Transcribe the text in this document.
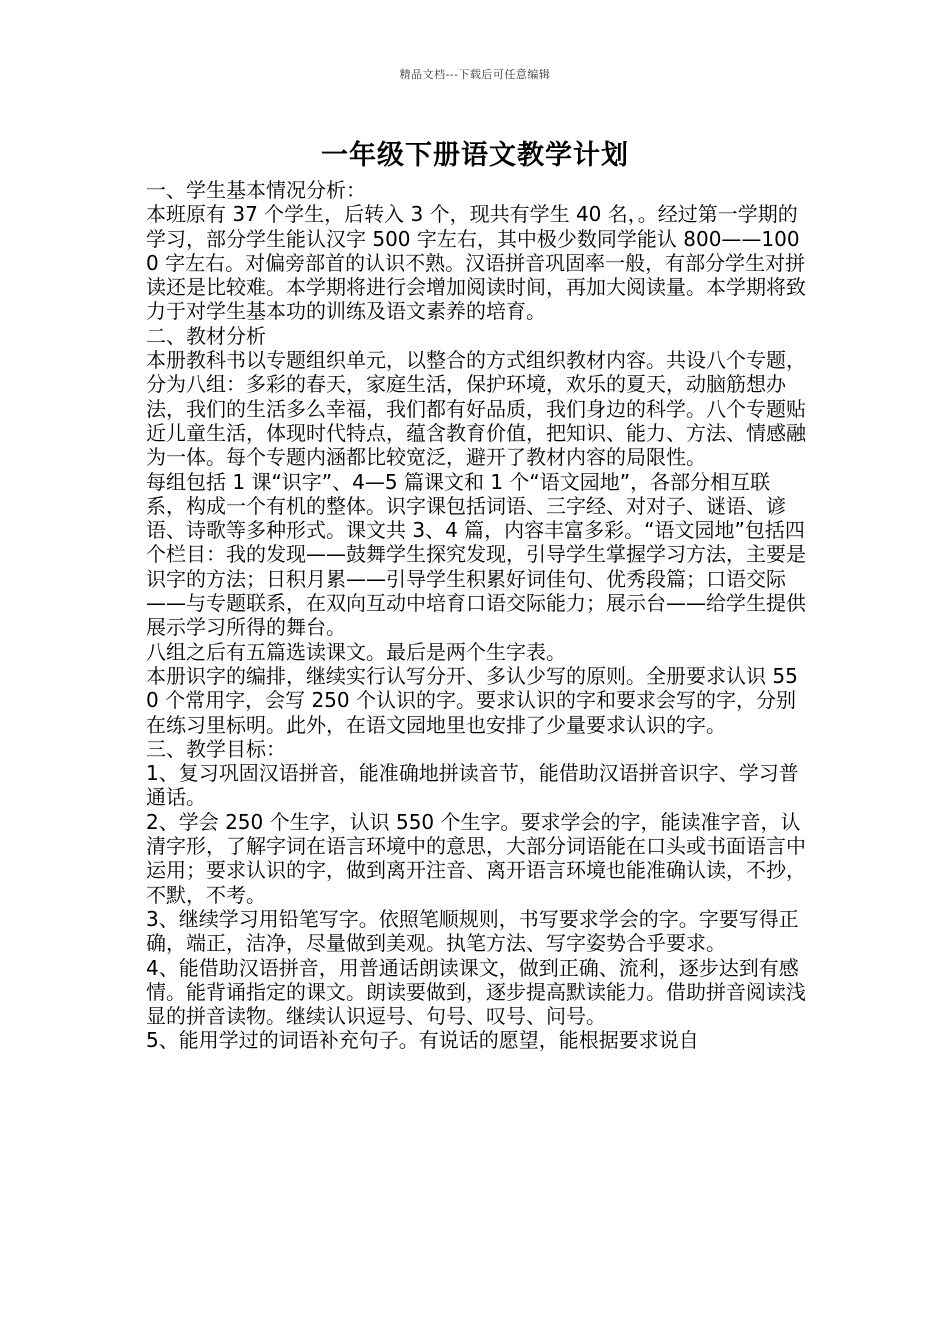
精品文档---下载后可任意编辑
一年级下册语文教学计划

一、学生基本情况分析：

本班原有 37 个学生，后转入 3 个，现共有学生 40 名，。经过第一学期的学习，部分学生能认汉字 500 字左右，其中极少数同学能认 800——1000 字左右。对偏旁部首的认识不熟。汉语拼音巩固率一般，有部分学生对拼读还是比较难。本学期将进行会增加阅读时间，再加大阅读量。本学期将致力于对学生基本功的训练及语文素养的培育。

二、教材分析

本册教科书以专题组织单元，以整合的方式组织教材内容。共设八个专题，分为八组：多彩的春天，家庭生活，保护环境，欢乐的夏天，动脑筋想办法，我们的生活多么幸福，我们都有好品质，我们身边的科学。八个专题贴近儿童生活，体现时代特点，蕴含教育价值，把知识、能力、方法、情感融为一体。每个专题内涵都比较宽泛，避开了教材内容的局限性。

每组包括 1 课“识字”、4—5 篇课文和 1 个“语文园地”，各部分相互联系，构成一个有机的整体。识字课包括词语、三字经、对对子、谜语、谚语、诗歌等多种形式。课文共 3、4 篇，内容丰富多彩。“语文园地”包括四个栏目：我的发现——鼓舞学生探究发现，引导学生掌握学习方法，主要是识字的方法；日积月累——引导学生积累好词佳句、优秀段篇；口语交际——与专题联系，在双向互动中培育口语交际能力；展示台——给学生提供展示学习所得的舞台。

八组之后有五篇选读课文。最后是两个生字表。

本册识字的编排，继续实行认写分开、多认少写的原则。全册要求认识 550 个常用字，会写 250 个认识的字。要求认识的字和要求会写的字，分别在练习里标明。此外，在语文园地里也安排了少量要求认识的字。

三、教学目标：

1、复习巩固汉语拼音，能准确地拼读音节，能借助汉语拼音识字、学习普通话。

2、学会 250 个生字，认识 550 个生字。要求学会的字，能读准字音，认清字形，了解字词在语言环境中的意思，大部分词语能在口头或书面语言中运用；要求认识的字，做到离开注音、离开语言环境也能准确认读，不抄，不默，不考。

3、继续学习用铅笔写字。依照笔顺规则，书写要求学会的字。字要写得正确，端正，洁净，尽量做到美观。执笔方法、写字姿势合乎要求。

4、能借助汉语拼音，用普通话朗读课文，做到正确、流利，逐步达到有感情。能背诵指定的课文。朗读要做到，逐步提高默读能力。借助拼音阅读浅显的拼音读物。继续认识逗号、句号、叹号、问号。

5、能用学过的词语补充句子。有说话的愿望，能根据要求说自
